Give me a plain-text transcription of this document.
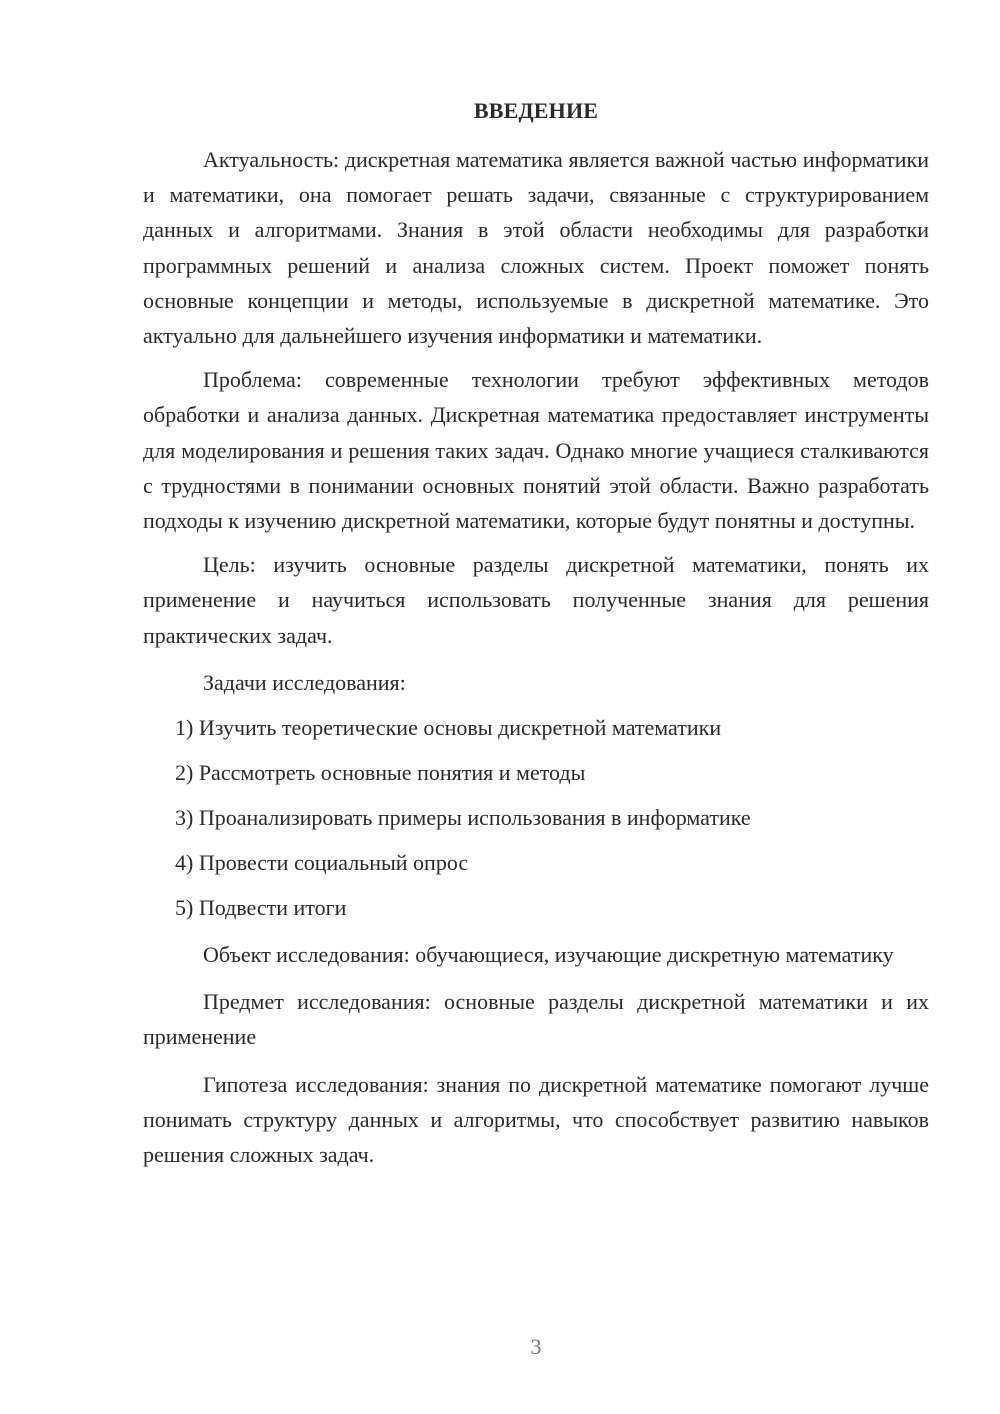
ВВЕДЕНИЕ

Актуальность: дискретная математика является важной частью информатики и математики, она помогает решать задачи, связанные с структурированием данных и алгоритмами. Знания в этой области необходимы для разработки программных решений и анализа сложных систем. Проект поможет понять основные концепции и методы, используемые в дискретной математике. Это актуально для дальнейшего изучения информатики и математики.

Проблема: современные технологии требуют эффективных методов обработки и анализа данных. Дискретная математика предоставляет инструменты для моделирования и решения таких задач. Однако многие учащиеся сталкиваются с трудностями в понимании основных понятий этой области. Важно разработать подходы к изучению дискретной математики, которые будут понятны и доступны.

Цель: изучить основные разделы дискретной математики, понять их применение и научиться использовать полученные знания для решения практических задач.

Задачи исследования:

1) Изучить теоретические основы дискретной математики

2) Рассмотреть основные понятия и методы

3) Проанализировать примеры использования в информатике

4) Провести социальный опрос

5) Подвести итоги

Объект исследования: обучающиеся, изучающие дискретную математику

Предмет исследования: основные разделы дискретной математики и их применение

Гипотеза исследования: знания по дискретной математике помогают лучше понимать структуру данных и алгоритмы, что способствует развитию навыков решения сложных задач.

3
